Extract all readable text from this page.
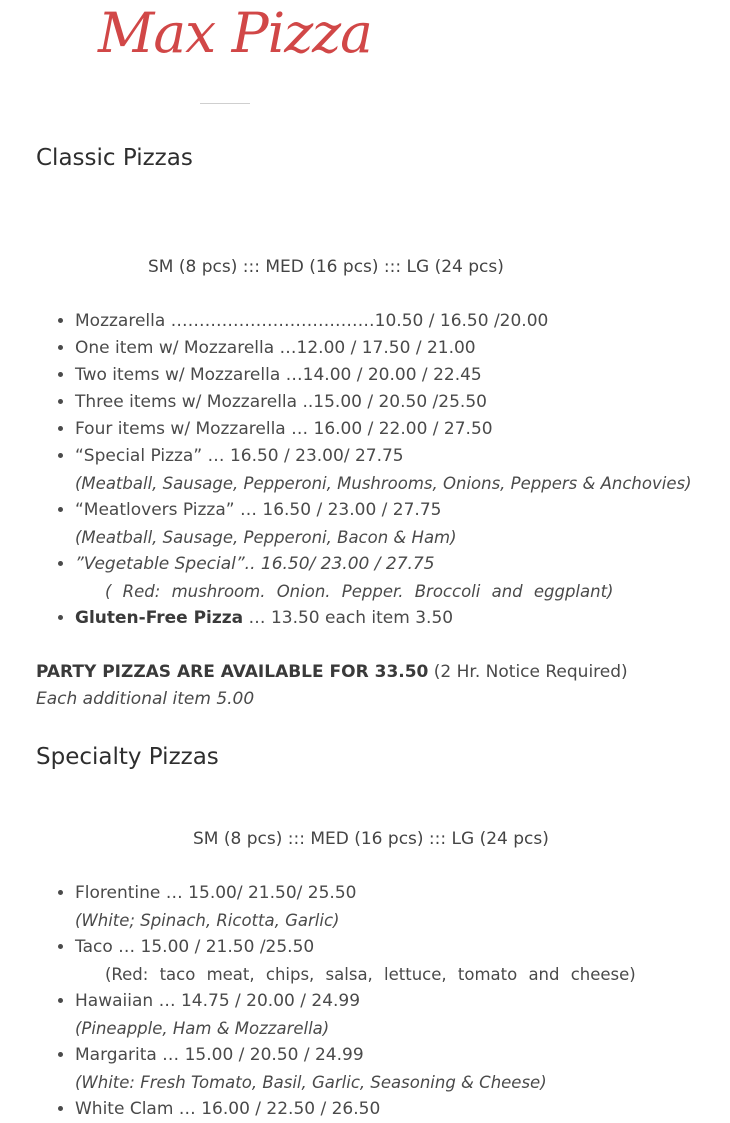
Max Pizza
Classic Pizzas
SM (8 pcs) ::: MED (16 pcs) ::: LG (24 pcs)
• Mozzarella ………………………………10.50 / 16.50 /20.00
• One item w/ Mozzarella …12.00 / 17.50 / 21.00
• Two items w/ Mozzarella …14.00 / 20.00 / 22.45
• Three items w/ Mozzarella ..15.00 / 20.50 /25.50
• Four items w/ Mozzarella … 16.00 / 22.00 / 27.50
• “Special Pizza” … 16.50 / 23.00/ 27.75
(Meatball, Sausage, Pepperoni, Mushrooms, Onions, Peppers & Anchovies)
• “Meatlovers Pizza” … 16.50 / 23.00 / 27.75
(Meatball, Sausage, Pepperoni, Bacon & Ham)
• ”Vegetable Special”.. 16.50/ 23.00 / 27.75
( Red: mushroom. Onion. Pepper. Broccoli and eggplant)
• Gluten-Free Pizza … 13.50 each item 3.50
PARTY PIZZAS ARE AVAILABLE FOR 33.50 (2 Hr. Notice Required)
Each additional item 5.00
Specialty Pizzas
SM (8 pcs) ::: MED (16 pcs) ::: LG (24 pcs)
• Florentine … 15.00/ 21.50/ 25.50
(White; Spinach, Ricotta, Garlic)
• Taco … 15.00 / 21.50 /25.50
(Red: taco meat, chips, salsa, lettuce, tomato and cheese)
• Hawaiian … 14.75 / 20.00 / 24.99
(Pineapple, Ham & Mozzarella)
• Margarita … 15.00 / 20.50 / 24.99
(White: Fresh Tomato, Basil, Garlic, Seasoning & Cheese)
• White Clam … 16.00 / 22.50 / 26.50
